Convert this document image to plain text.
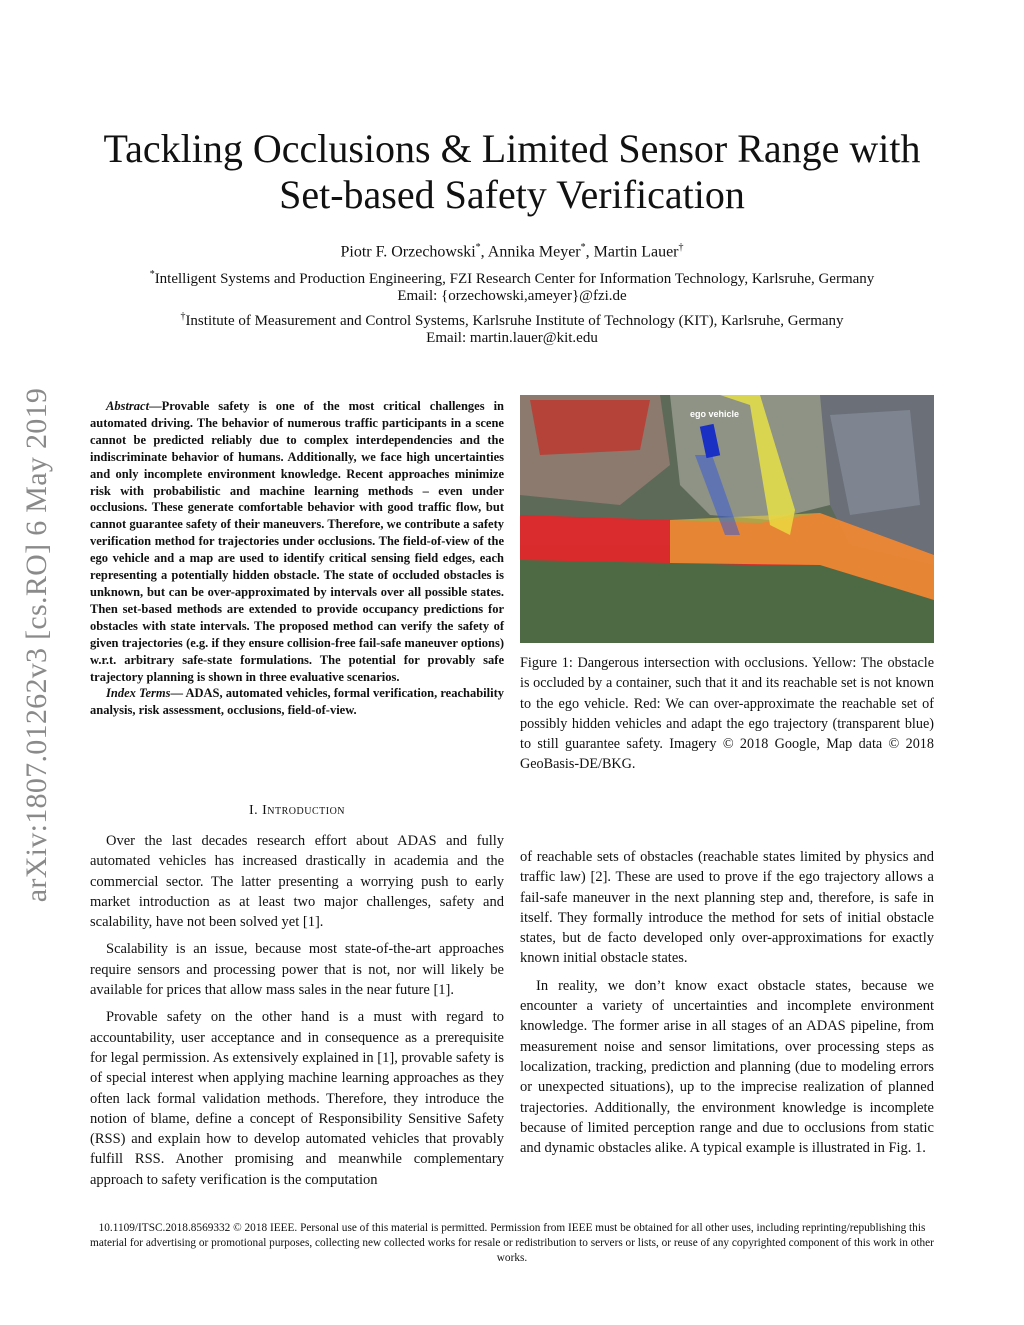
arXiv:1807.01262v3 [cs.RO] 6 May 2019
Tackling Occlusions & Limited Sensor Range with
Set-based Safety Verification
Piotr F. Orzechowski*, Annika Meyer*, Martin Lauer†
*Intelligent Systems and Production Engineering, FZI Research Center for Information Technology, Karlsruhe, Germany
Email: {orzechowski,ameyer}@fzi.de
†Institute of Measurement and Control Systems, Karlsruhe Institute of Technology (KIT), Karlsruhe, Germany
Email: martin.lauer@kit.edu

Abstract—Provable safety is one of the most critical challenges in automated driving. The behavior of numerous traffic participants in a scene cannot be predicted reliably due to complex interdependencies and the indiscriminate behavior of humans. Additionally, we face high uncertainties and only incomplete environment knowledge. Recent approaches minimize risk with probabilistic and machine learning methods – even under occlusions. These generate comfortable behavior with good traffic flow, but cannot guarantee safety of their maneuvers. Therefore, we contribute a safety verification method for trajectories under occlusions. The field-of-view of the ego vehicle and a map are used to identify critical sensing field edges, each representing a potentially hidden obstacle. The state of occluded obstacles is unknown, but can be over-approximated by intervals over all possible states. Then set-based methods are extended to provide occupancy predictions for obstacles with state intervals. The proposed method can verify the safety of given trajectories (e.g. if they ensure collision-free fail-safe maneuver options) w.r.t. arbitrary safe-state formulations. The potential for provably safe trajectory planning is shown in three evaluative scenarios.

Index Terms— ADAS, automated vehicles, formal verification, reachability analysis, risk assessment, occlusions, field-of-view.

I. Introduction

Over the last decades research effort about ADAS and fully automated vehicles has increased drastically in academia and the commercial sector. The latter presenting a worrying push to early market introduction as at least two major challenges, safety and scalability, have not been solved yet [1].

Scalability is an issue, because most state-of-the-art approaches require sensors and processing power that is not, nor will likely be available for prices that allow mass sales in the near future [1].

Provable safety on the other hand is a must with regard to accountability, user acceptance and in consequence as a prerequisite for legal permission. As extensively explained in [1], provable safety is of special interest when applying machine learning approaches as they often lack formal validation methods. Therefore, they introduce the notion of blame, define a concept of Responsibility Sensitive Safety (RSS) and explain how to develop automated vehicles that provably fulfill RSS. Another promising and meanwhile complementary approach to safety verification is the computation

ego vehicle
Figure 1: Dangerous intersection with occlusions. Yellow: The obstacle is occluded by a container, such that it and its reachable set is not known to the ego vehicle. Red: We can over-approximate the reachable set of possibly hidden vehicles and adapt the ego trajectory (transparent blue) to still guarantee safety. Imagery © 2018 Google, Map data © 2018 GeoBasis-DE/BKG.

of reachable sets of obstacles (reachable states limited by physics and traffic law) [2]. These are used to prove if the ego trajectory allows a fail-safe maneuver in the next planning step and, therefore, is safe in itself. They formally introduce the method for sets of initial obstacle states, but de facto developed only over-approximations for exactly known initial obstacle states.

In reality, we don’t know exact obstacle states, because we encounter a variety of uncertainties and incomplete environment knowledge. The former arise in all stages of an ADAS pipeline, from measurement noise and sensor limitations, over processing steps as localization, tracking, prediction and planning (due to modeling errors or unexpected situations), up to the imprecise realization of planned trajectories. Additionally, the environment knowledge is incomplete because of limited perception range and due to occlusions from static and dynamic obstacles alike. A typical example is illustrated in Fig. 1.

10.1109/ITSC.2018.8569332 © 2018 IEEE. Personal use of this material is permitted. Permission from IEEE must be obtained for all other uses, including reprinting/republishing this material for advertising or promotional purposes, collecting new collected works for resale or redistribution to servers or lists, or reuse of any copyrighted component of this work in other works.
